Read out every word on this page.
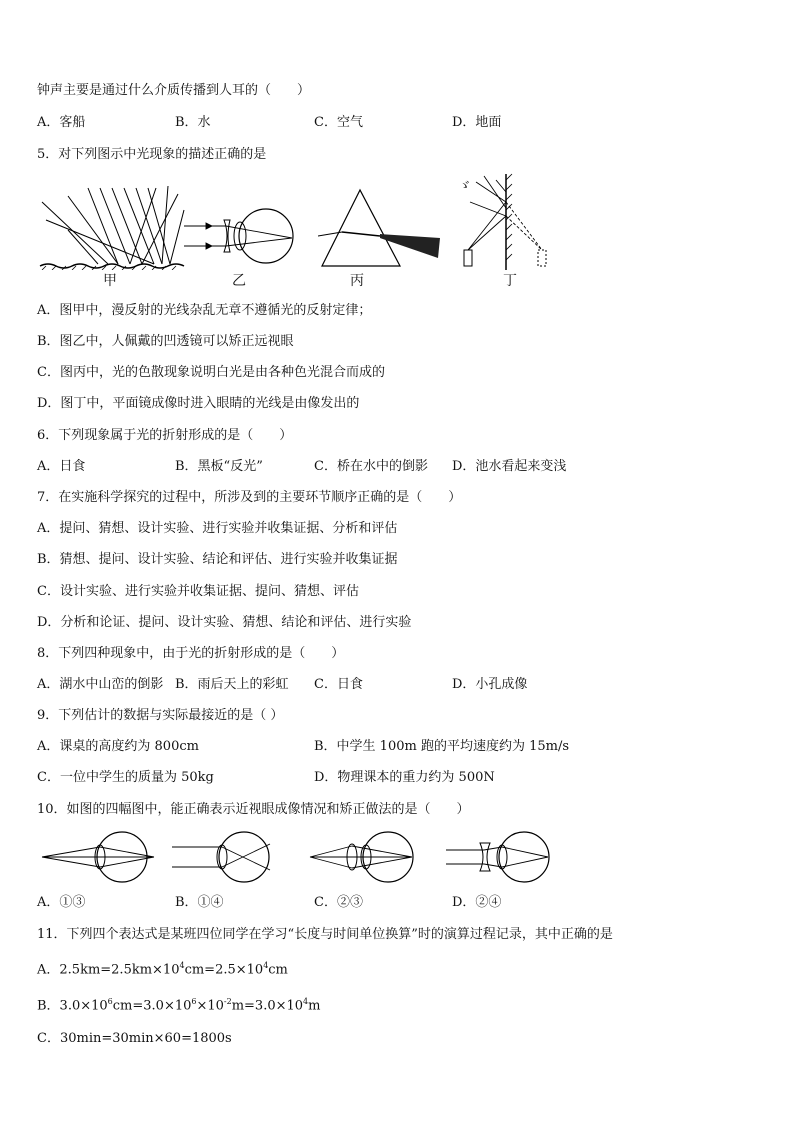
钟声主要是通过什么介质传播到人耳的（　　）
A．客船	B．水	C．空气	D．地面
5．对下列图示中光现象的描述正确的是
甲	乙	丙
ゞ
丁
A．图甲中，漫反射的光线杂乱无章不遵循光的反射定律；
B．图乙中，人佩戴的凹透镜可以矫正远视眼
C．图丙中，光的色散现象说明白光是由各种色光混合而成的
D．图丁中，平面镜成像时进入眼睛的光线是由像发出的
6．下列现象属于光的折射形成的是（　　）
A．日食	B．黑板“反光”	C．桥在水中的倒影 D．池水看起来变浅
7．在实施科学探究的过程中，所涉及到的主要环节顺序正确的是（　　）
A．提问、猜想、设计实验、进行实验并收集证据、分析和评估
B．猜想、提问、设计实验、结论和评估、进行实验并收集证据
C．设计实验、进行实验并收集证据、提问、猜想、评估
D．分析和论证、提问、设计实验、猜想、结论和评估、进行实验
8．下列四种现象中，由于光的折射形成的是（　　）
A．湖水中山峦的倒影 B．雨后天上的彩虹 C．日食	D．小孔成像
9．下列估计的数据与实际最接近的是（ ）
A．课桌的高度约为 800cm	B．中学生 100m 跑的平均速度约为 15m/s
C．一位中学生的质量为 50kg	D．物理课本的重力约为 500N
10．如图的四幅图中，能正确表示近视眼成像情况和矫正做法的是（　　）
A．①③	B．①④	C．②③	D．②④
11．下列四个表达式是某班四位同学在学习“长度与时间单位换算”时的演算过程记录，其中正确的是
A．$2.5km=2.5km\times 10^4cm=2.5\times 10^4cm$
B．$3.0\times 10^6cm=3.0\times 10^6\times 10^{-2}m=3.0\times 10^4m$
C．30min=30min×60=1800s
